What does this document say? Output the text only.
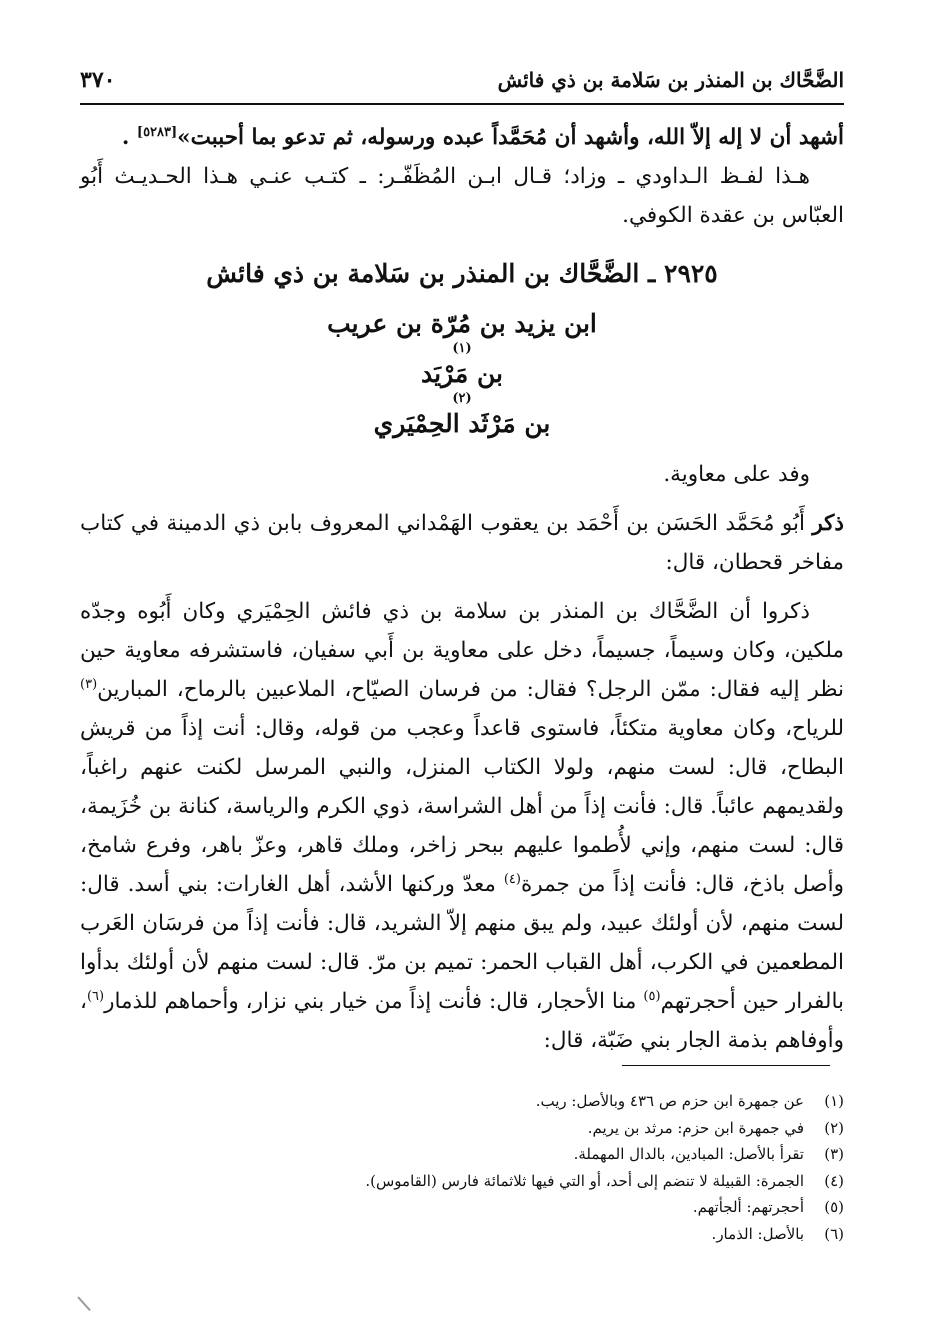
الضَّحَّاك بن المنذر بن سَلامة بن ذي فائش
٣٧٠

أشهد أن لا إله إلاّ الله، وأشهد أن مُحَمَّداً عبده ورسوله، ثم تدعو بما أحببت»[٥٢٨٣] .

هـذا لفـظ الـداودي ـ وزاد؛ قـال ابـن المُظَفّـر: ـ كتـب عنـي هـذا الحـديـث أَبُو العبّاس بن عقدة الكوفي.

٢٩٢٥ ـ الضَّحَّاك بن المنذر بن سَلامة بن ذي فائش
ابن يزيد بن مُرّة بن عريب
(١)
بن مَرْيَد
(٢)
بن مَرْثَد الحِمْيَري

وفد على معاوية.

ذكر أَبُو مُحَمَّد الحَسَن بن أَحْمَد بن يعقوب الهَمْداني المعروف بابن ذي الدمينة في كتاب مفاخر قحطان، قال:

ذكروا أن الضَّحَّاك بن المنذر بن سلامة بن ذي فائش الحِمْيَري وكان أَبُوه وجدّه ملكين، وكان وسيماً، جسيماً، دخل على معاوية بن أَبي سفيان، فاستشرفه معاوية حين نظر إليه فقال: ممّن الرجل؟ فقال: من فرسان الصيّاح، الملاعبين بالرماح، المبارين$^{(٣)}$ للرياح، وكان معاوية متكئاً، فاستوى قاعداً وعجب من قوله، وقال: أنت إذاً من قريش البطاح، قال: لست منهم، ولولا الكتاب المنزل، والنبي المرسل لكنت عنهم راغباً، ولقديمهم عائباً. قال: فأنت إذاً من أهل الشراسة، ذوي الكرم والرياسة، كنانة بن خُزَيمة، قال: لست منهم، وإني لأُطموا عليهم ببحر زاخر، وملك قاهر، وعزّ باهر، وفرع شامخ، وأصل باذخ، قال: فأنت إذاً من جمرة$^{(٤)}$ معدّ وركنها الأشد، أهل الغارات: بني أسد. قال: لست منهم، لأن أولئك عبيد، ولم يبق منهم إلاّ الشريد، قال: فأنت إذاً من فرسَان العَرب المطعمين في الكرب، أهل القباب الحمر: تميم بن مرّ. قال: لست منهم لأن أولئك بدأوا بالفرار حين أحجرتهم$^{(٥)}$ منا الأحجار، قال: فأنت إذاً من خيار بني نزار، وأحماهم للذمار$^{(٦)}$، وأوفاهم بذمة الجار بني ضَبّة، قال:

(١)
عن جمهرة ابن حزم ص ٤٣٦ وبالأصل: ريب.
(٢)
في جمهرة ابن حزم: مرثد بن يريم.
(٣)
تقرأ بالأصل: المبادين، بالدال المهملة.
(٤)
الجمرة: القبيلة لا تنضم إلى أحد، أو التي فيها ثلاثمائة فارس (القاموس).
(٥)
أحجرتهم: ألجأتهم.
(٦)
بالأصل: الذمار.
